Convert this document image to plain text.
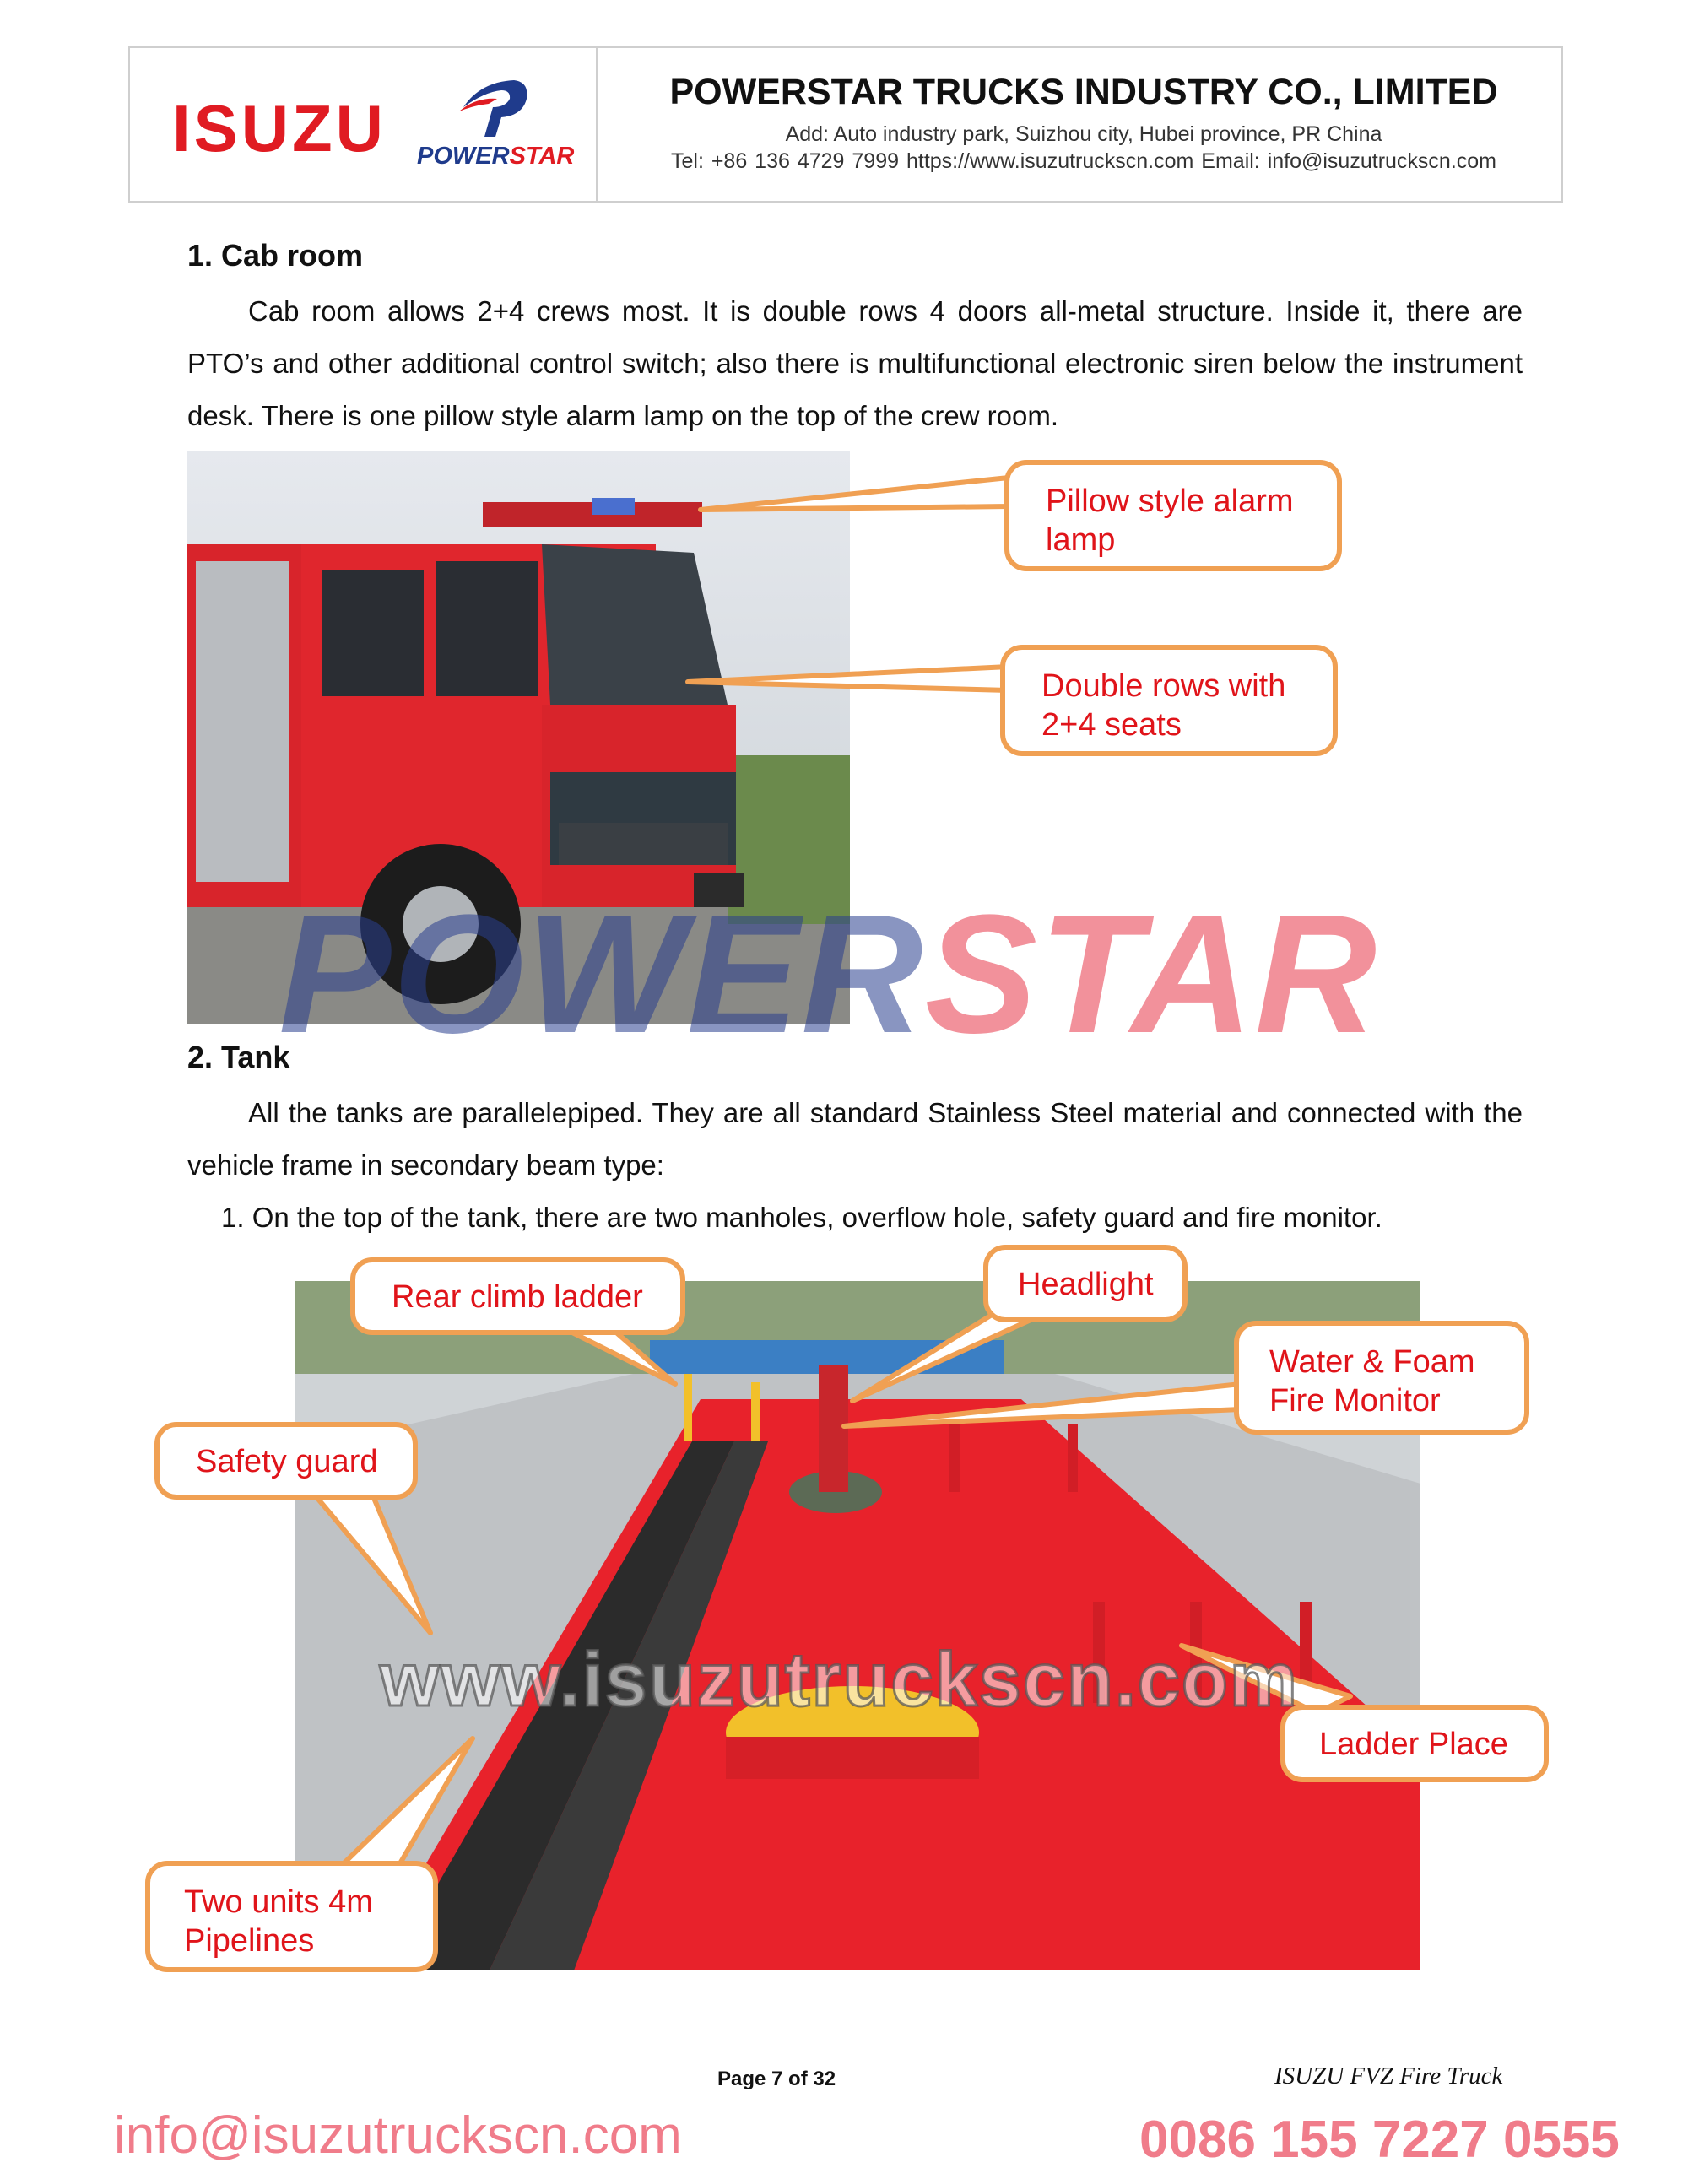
ISUZU POWERSTAR
POWERSTAR TRUCKS INDUSTRY CO., LIMITED
Add: Auto industry park, Suizhou city, Hubei province, PR China
Tel: +86 136 4729 7999 https://www.isuzutruckscn.com Email: info@isuzutruckscn.com
1. Cab room
Cab room allows 2+4 crews most. It is double rows 4 doors all-metal structure. Inside it, there are PTO’s and other additional control switch; also there is multifunctional electronic siren below the instrument desk. There is one pillow style alarm lamp on the top of the crew room.
Pillow style alarm
lamp
Double rows with
2+4 seats
POWERSTAR
2. Tank
All the tanks are parallelepiped. They are all standard Stainless Steel material and connected with the vehicle frame in secondary beam type:
1. On the top of the tank, there are two manholes, overflow hole, safety guard and fire monitor.
Rear climb ladder	Headlight
Water & Foam
Fire Monitor
Safety guard
Ladder Place
Two units 4m
Pipelines
www.isuzutruckscn.com
Page 7 of 32	ISUZU FVZ Fire Truck
info@isuzutruckscn.com	0086 155 7227 0555
